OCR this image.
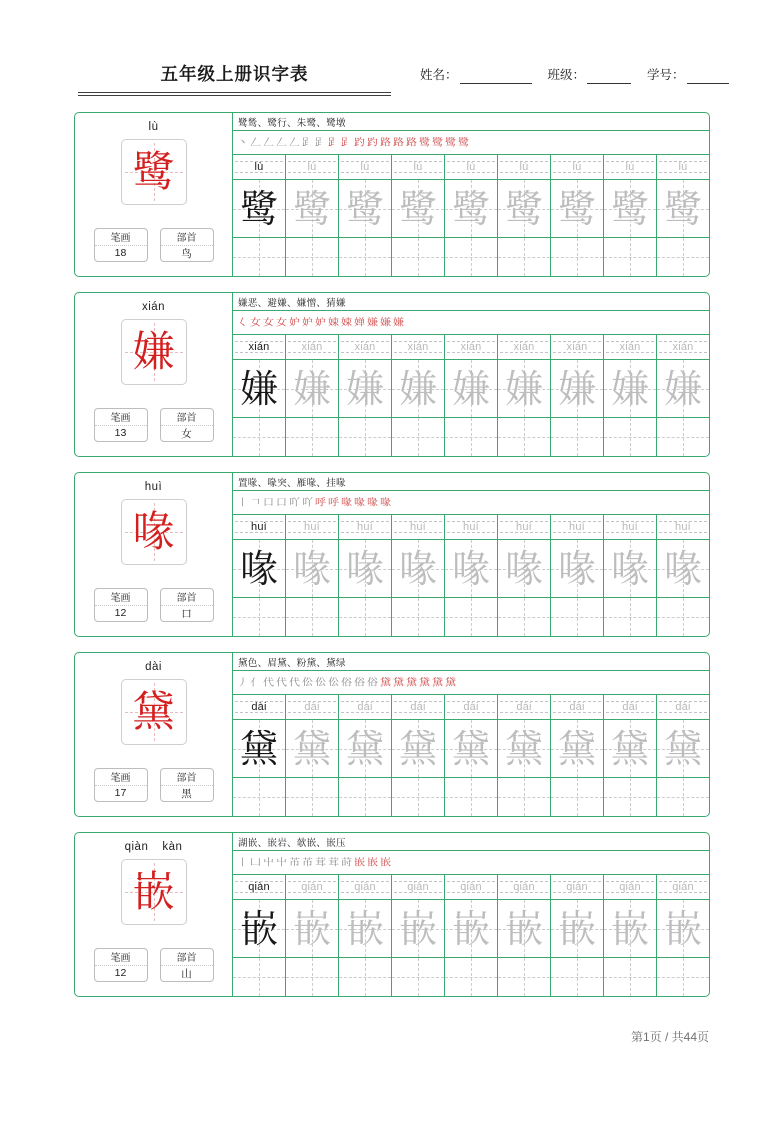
五年级上册识字表	姓名：	班级：	学号：
lù
鹭
笔画
18
部首
鸟
鹭鸶、鹭行、朱鹭、鹭墩
丶 𠃋 𠃋 𠃋 𠃋 𧾷 𧾷 𧾷 𧾷 趵 趵 路 路 路 鹭 鹭 鹭 鹭
lù	lù	lù	lù	lù	lù	lù	lù	lù
鹭 鹭 鹭 鹭 鹭 鹭 鹭 鹭 鹭
xián
嫌
笔画
13
部首
女
嫌恶、避嫌、嫌憎、猜嫌
𡿨 女 女 女 妒 妒 妒 娕 娕 婵 嫌 嫌 嫌
xián	xián	xián	xián	xián	xián	xián	xián	xián
嫌 嫌 嫌 嫌 嫌 嫌 嫌 嫌 嫌
huì
喙
笔画
12
部首
口
置喙、喙突、雁喙、挂喙
丨 𠃍 口 口 吖 吖 呼 呼 喙 喙 喙 喙
huì	huì	huì	huì	huì	huì	huì	huì	huì
喙 喙 喙 喙 喙 喙 喙 喙 喙
dài
黛
笔画
17
部首
黑
黛色、眉黛、粉黛、黛绿
丿 亻 代 代 代 伀 伀 伀 俗 俗 俗 黛 黛 黛 黛 黛 黛
dài	dài	dài	dài	dài	dài	dài	dài	dài
黛 黛 黛 黛 黛 黛 黛 黛 黛
qiàn kàn
嵌
笔画
12
部首
山
湖嵌、嵌岩、欹嵌、嵌压
丨 凵 屮 屮 芇 芇 茸 茸 莳 嵌 嵌 嵌
qiàn	qiàn	qiàn	qiàn	qiàn	qiàn	qiàn	qiàn	qiàn
嵌 嵌 嵌 嵌 嵌 嵌 嵌 嵌 嵌
第1页 / 共44页
